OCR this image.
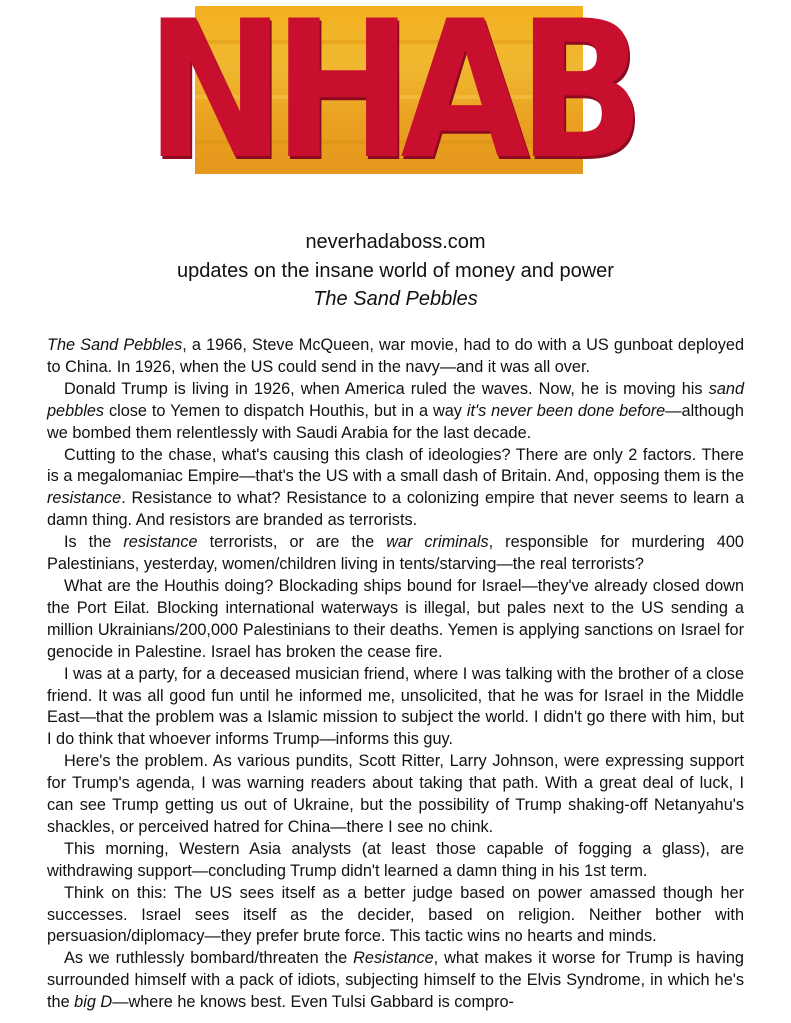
NHAB
neverhadaboss.com
updates on the insane world of money and power
The Sand Pebbles

The Sand Pebbles, a 1966, Steve McQueen, war movie, had to do with a US gunboat deployed to China. In 1926, when the US could send in the navy—and it was all over.

Donald Trump is living in 1926, when America ruled the waves. Now, he is moving his sand pebbles close to Yemen to dispatch Houthis, but in a way it's never been done before—although we bombed them relentlessly with Saudi Arabia for the last decade.

Cutting to the chase, what's causing this clash of ideologies? There are only 2 factors. There is a megalomaniac Empire—that's the US with a small dash of Britain. And, opposing them is the resistance. Resistance to what? Resistance to a colonizing empire that never seems to learn a damn thing. And resistors are branded as terrorists.

Is the resistance terrorists, or are the war criminals, responsible for murdering 400 Palestinians, yesterday, women/children living in tents/starving—the real terrorists?

What are the Houthis doing? Blockading ships bound for Israel—they've already closed down the Port Eilat. Blocking international waterways is illegal, but pales next to the US sending a million Ukrainians/200,000 Palestinians to their deaths. Yemen is applying sanctions on Israel for genocide in Palestine. Israel has broken the cease fire.

I was at a party, for a deceased musician friend, where I was talking with the brother of a close friend. It was all good fun until he informed me, unsolicited, that he was for Israel in the Middle East—that the problem was a Islamic mission to subject the world. I didn't go there with him, but I do think that whoever informs Trump—informs this guy.

Here's the problem. As various pundits, Scott Ritter, Larry Johnson, were expressing support for Trump's agenda, I was warning readers about taking that path. With a great deal of luck, I can see Trump getting us out of Ukraine, but the possibility of Trump shaking-off Netanyahu's shackles, or perceived hatred for China—there I see no chink.

This morning, Western Asia analysts (at least those capable of fogging a glass), are withdrawing support—concluding Trump didn't learned a damn thing in his 1st term.

Think on this: The US sees itself as a better judge based on power amassed though her successes. Israel sees itself as the decider, based on religion. Neither bother with persuasion/diplomacy—they prefer brute force. This tactic wins no hearts and minds.

As we ruthlessly bombard/threaten the Resistance, what makes it worse for Trump is having surrounded himself with a pack of idiots, subjecting himself to the Elvis Syndrome, in which he's the big D—where he knows best. Even Tulsi Gabbard is compro-
